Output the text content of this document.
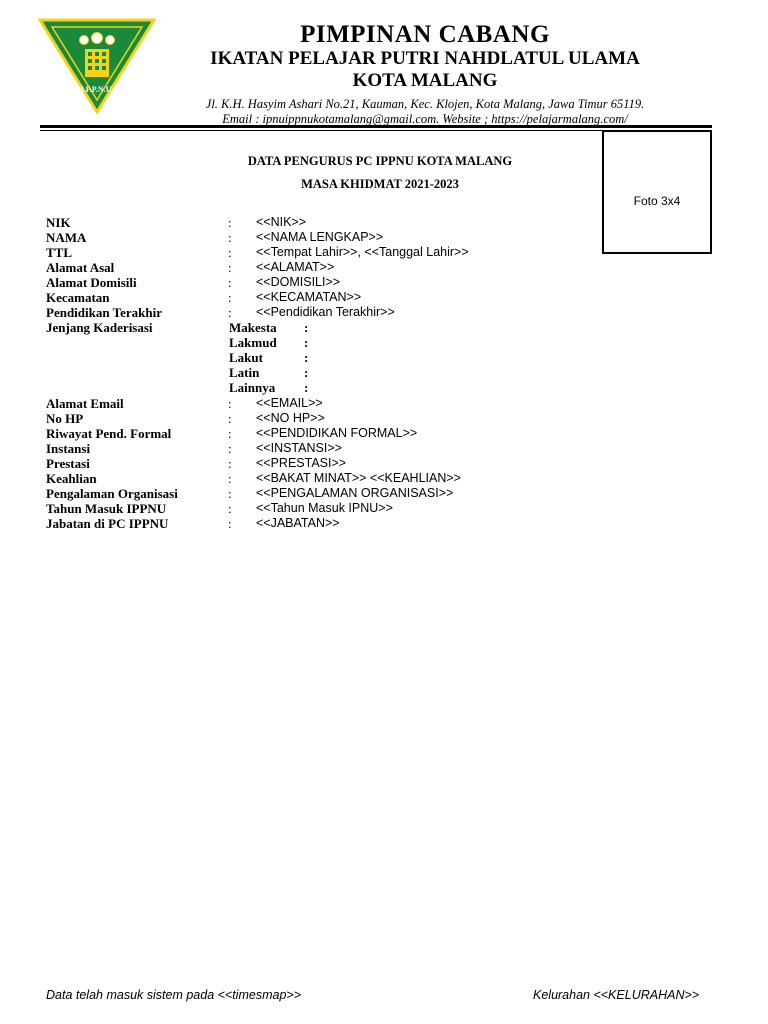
I.P.P.N.U.
PIMPINAN CABANG
IKATAN PELAJAR PUTRI NAHDLATUL ULAMA
KOTA MALANG
Jl. K.H. Hasyim Ashari No.21, Kauman, Kec. Klojen, Kota Malang, Jawa Timur 65119.
Email : ipnuippnukotamalang@gmail.com. Website ; https://pelajarmalang.com/
Foto 3x4
DATA PENGURUS PC IPPNU KOTA MALANG
MASA KHIDMAT 2021-2023
NIK	: <<NIK>>
NAMA	: <<NAMA LENGKAP>>
TTL	: <<Tempat Lahir>>, <<Tanggal Lahir>>
Alamat Asal	: <<ALAMAT>>
Alamat Domisili	: <<DOMISILI>>
Kecamatan	: <<KECAMATAN>>
Pendidikan Terakhir	: <<Pendidikan Terakhir>>
Jenjang Kaderisasi	Makesta :
Lakmud :
Lakut	:
Latin	:
Lainnya :
Alamat Email	: <<EMAIL>>
No HP	: <<NO HP>>
Riwayat Pend. Formal	: <<PENDIDIKAN FORMAL>>
Instansi	: <<INSTANSI>>
Prestasi	: <<PRESTASI>>
Keahlian	: <<BAKAT MINAT>> <<KEAHLIAN>>
Pengalaman Organisasi	: <<PENGALAMAN ORGANISASI>>
Tahun Masuk IPPNU	: <<Tahun Masuk IPNU>>
Jabatan di PC IPPNU	: <<JABATAN>>
Data telah masuk sistem pada <<timesmap>>	Kelurahan <<KELURAHAN>>
